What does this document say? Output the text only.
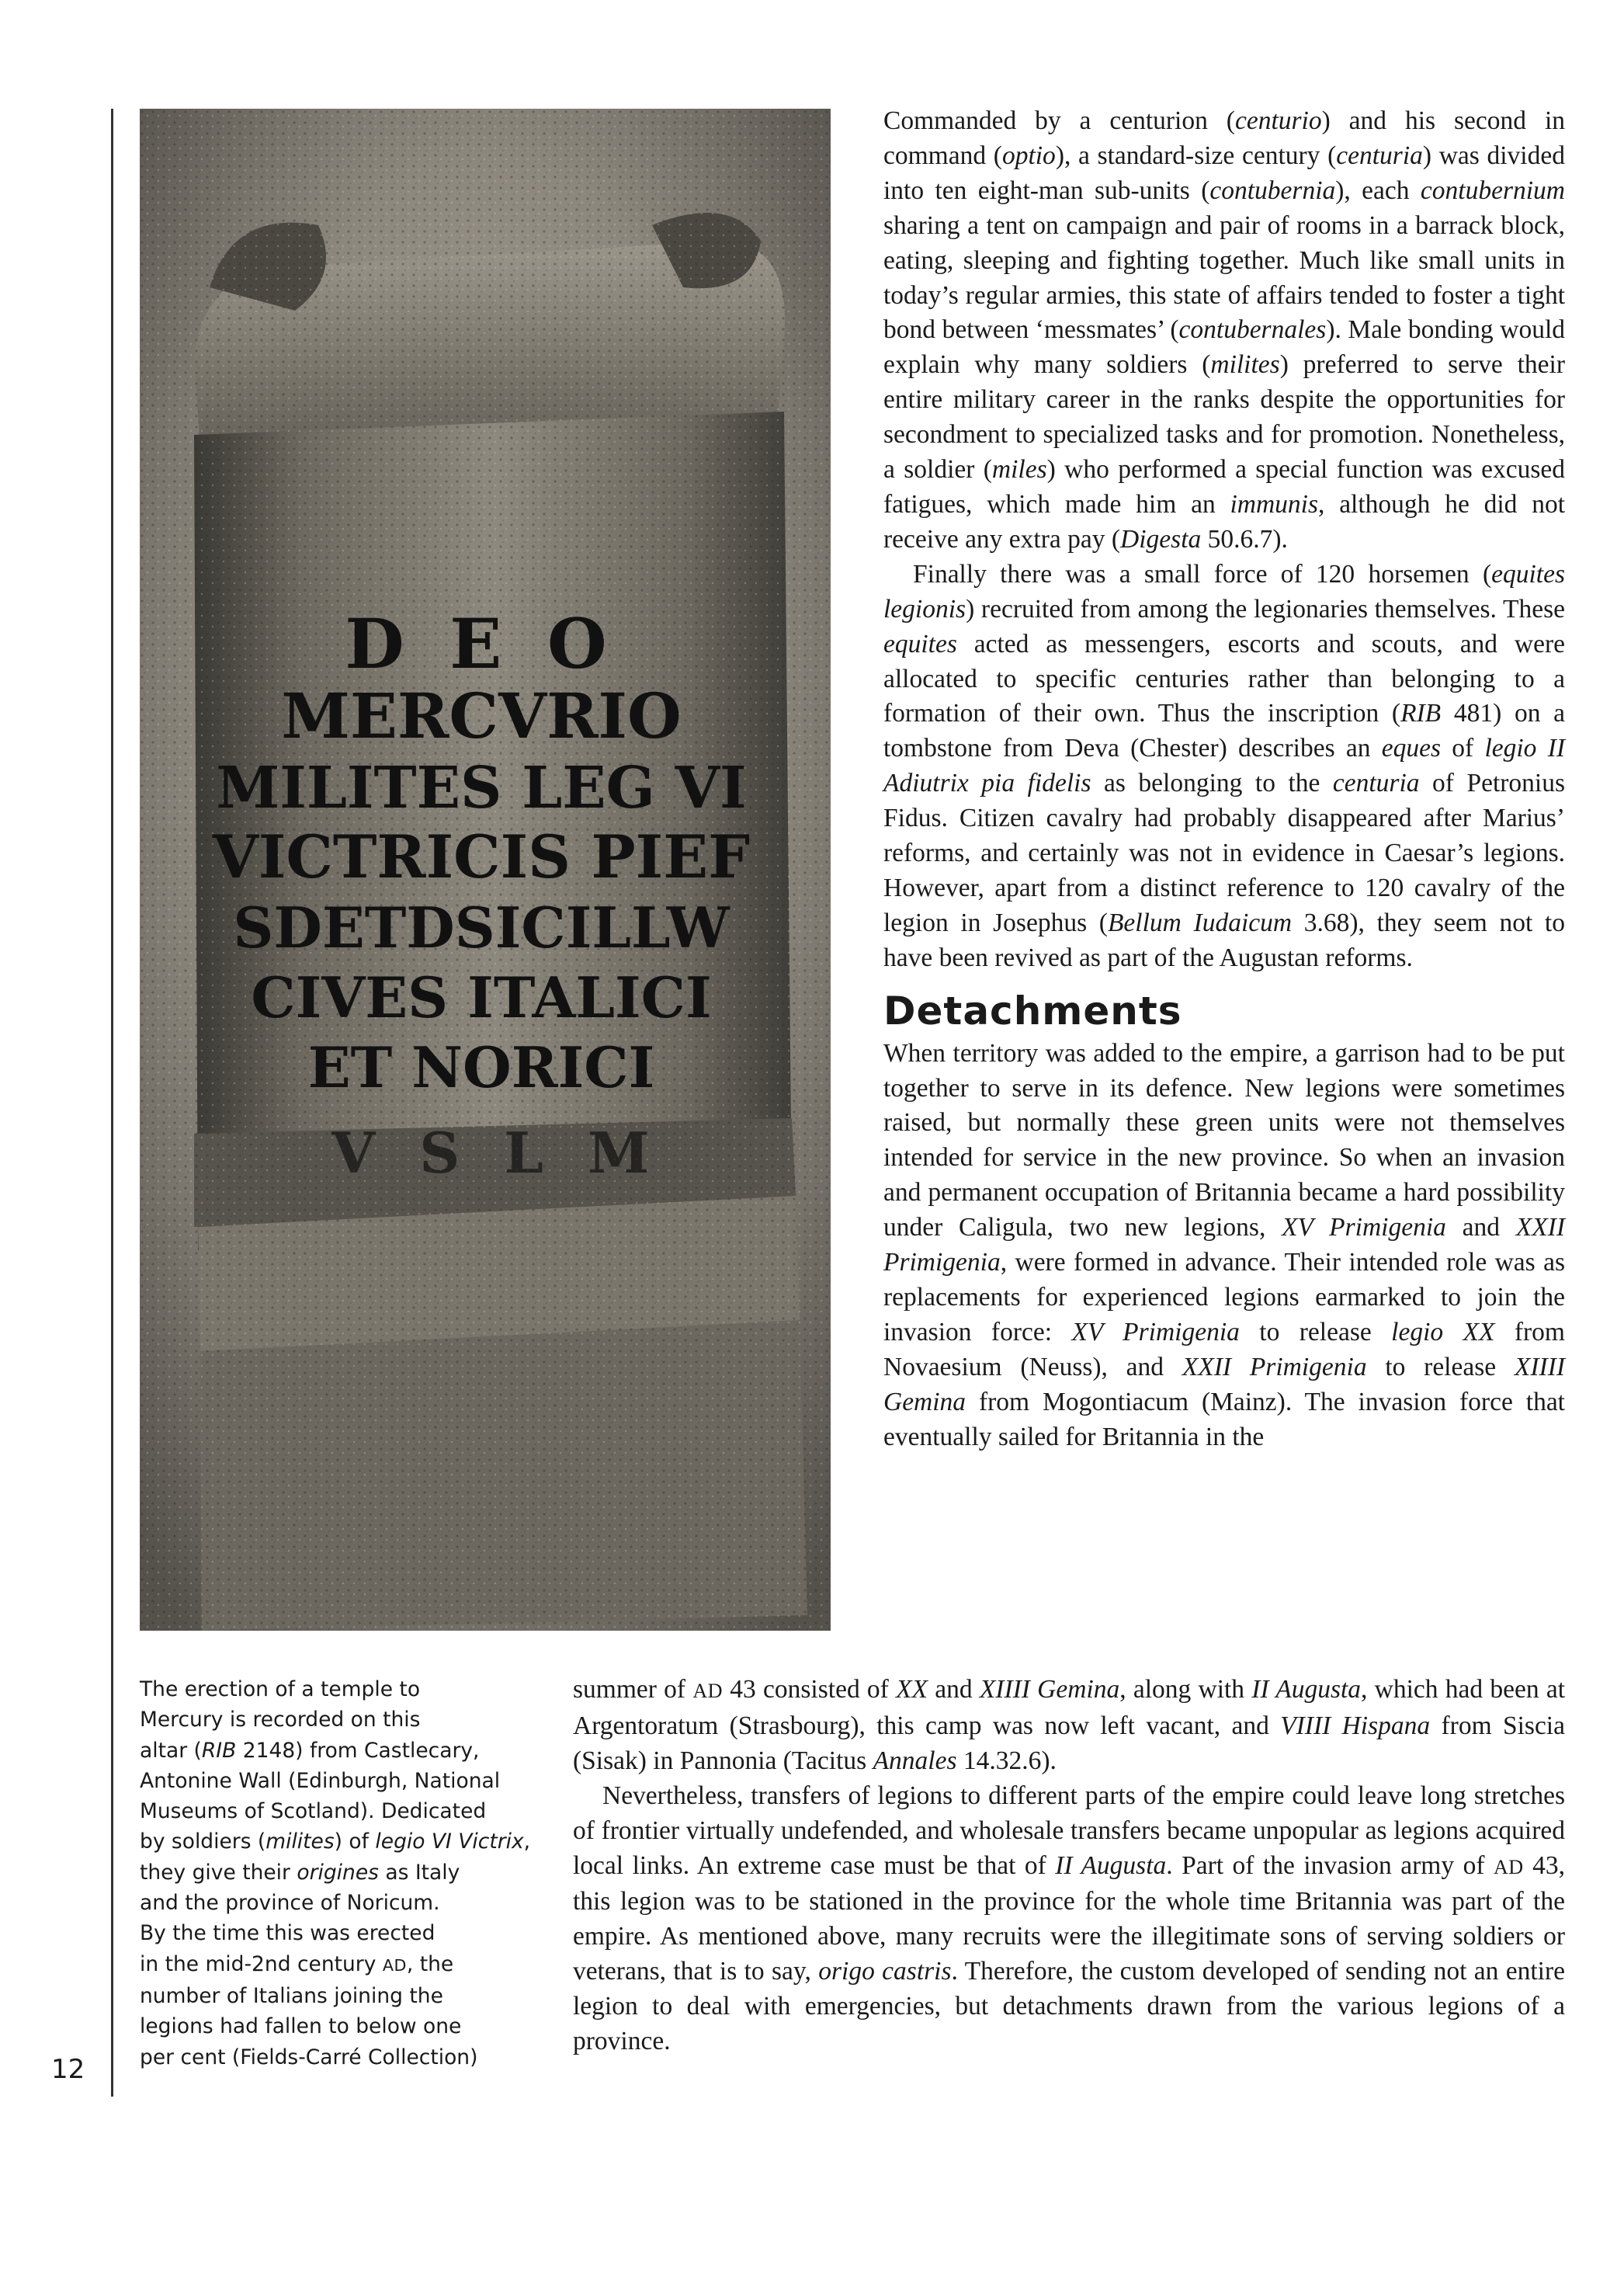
12
D E O
MERCVRIO
MILITES LEG VI
VICTRICIS PIEF
SDETDSICILLW
CIVES ITALICI
ET NORICI
V S L M

The erection of a temple to

Mercury is recorded on this

altar (RIB 2148) from Castlecary,

Antonine Wall (Edinburgh, National

Museums of Scotland). Dedicated

by soldiers (milites) of legio VI Victrix,

they give their origines as Italy

and the province of Noricum.

By the time this was erected

in the mid-2nd century AD, the

number of Italians joining the

legions had fallen to below one

per cent (Fields-Carré Collection)

Commanded by a centurion (centurio) and his second in command (optio), a standard-size century (centuria) was divided into ten eight-man sub-units (contubernia), each contubernium sharing a tent on campaign and pair of rooms in a barrack block, eating, sleeping and fighting together. Much like small units in today’s regular armies, this state of affairs tended to foster a tight bond between ‘messmates’ (contubernales). Male bonding would explain why many soldiers (milites) preferred to serve their entire military career in the ranks despite the opportunities for secondment to specialized tasks and for promotion. Nonetheless, a soldier (miles) who performed a special function was excused fatigues, which made him an immunis, although he did not receive any extra pay (Digesta 50.6.7).

Finally there was a small force of 120 horsemen (equites legionis) recruited from among the legionaries themselves. These equites acted as messengers, escorts and scouts, and were allocated to specific centuries rather than belonging to a formation of their own. Thus the inscription (RIB 481) on a tombstone from Deva (Chester) describes an eques of legio II Adiutrix pia fidelis as belonging to the centuria of Petronius Fidus. Citizen cavalry had probably disappeared after Marius’ reforms, and certainly was not in evidence in Caesar’s legions. However, apart from a distinct reference to 120 cavalry of the legion in Josephus (Bellum Iudaicum 3.68), they seem not to have been revived as part of the Augustan reforms.

Detachments

When territory was added to the empire, a garrison had to be put together to serve in its defence. New legions were sometimes raised, but normally these green units were not themselves intended for service in the new province. So when an invasion and permanent occupation of Britannia became a hard possibility under Caligula, two new legions, XV Primigenia and XXII Primigenia, were formed in advance. Their intended role was as replacements for experienced legions earmarked to join the invasion force: XV Primigenia to release legio XX from Novaesium (Neuss), and XXII Primigenia to release XIIII Gemina from Mogontiacum (Mainz). The invasion force that eventually sailed for Britannia in the

summer of AD 43 consisted of XX and XIIII Gemina, along with II Augusta, which had been at Argentoratum (Strasbourg), this camp was now left vacant, and VIIII Hispana from Siscia (Sisak) in Pannonia (Tacitus Annales 14.32.6).

Nevertheless, transfers of legions to different parts of the empire could leave long stretches of frontier virtually undefended, and wholesale transfers became unpopular as legions acquired local links. An extreme case must be that of II Augusta. Part of the invasion army of AD 43, this legion was to be stationed in the province for the whole time Britannia was part of the empire. As mentioned above, many recruits were the illegitimate sons of serving soldiers or veterans, that is to say, origo castris. Therefore, the custom developed of sending not an entire legion to deal with emergencies, but detachments drawn from the various legions of a province.
